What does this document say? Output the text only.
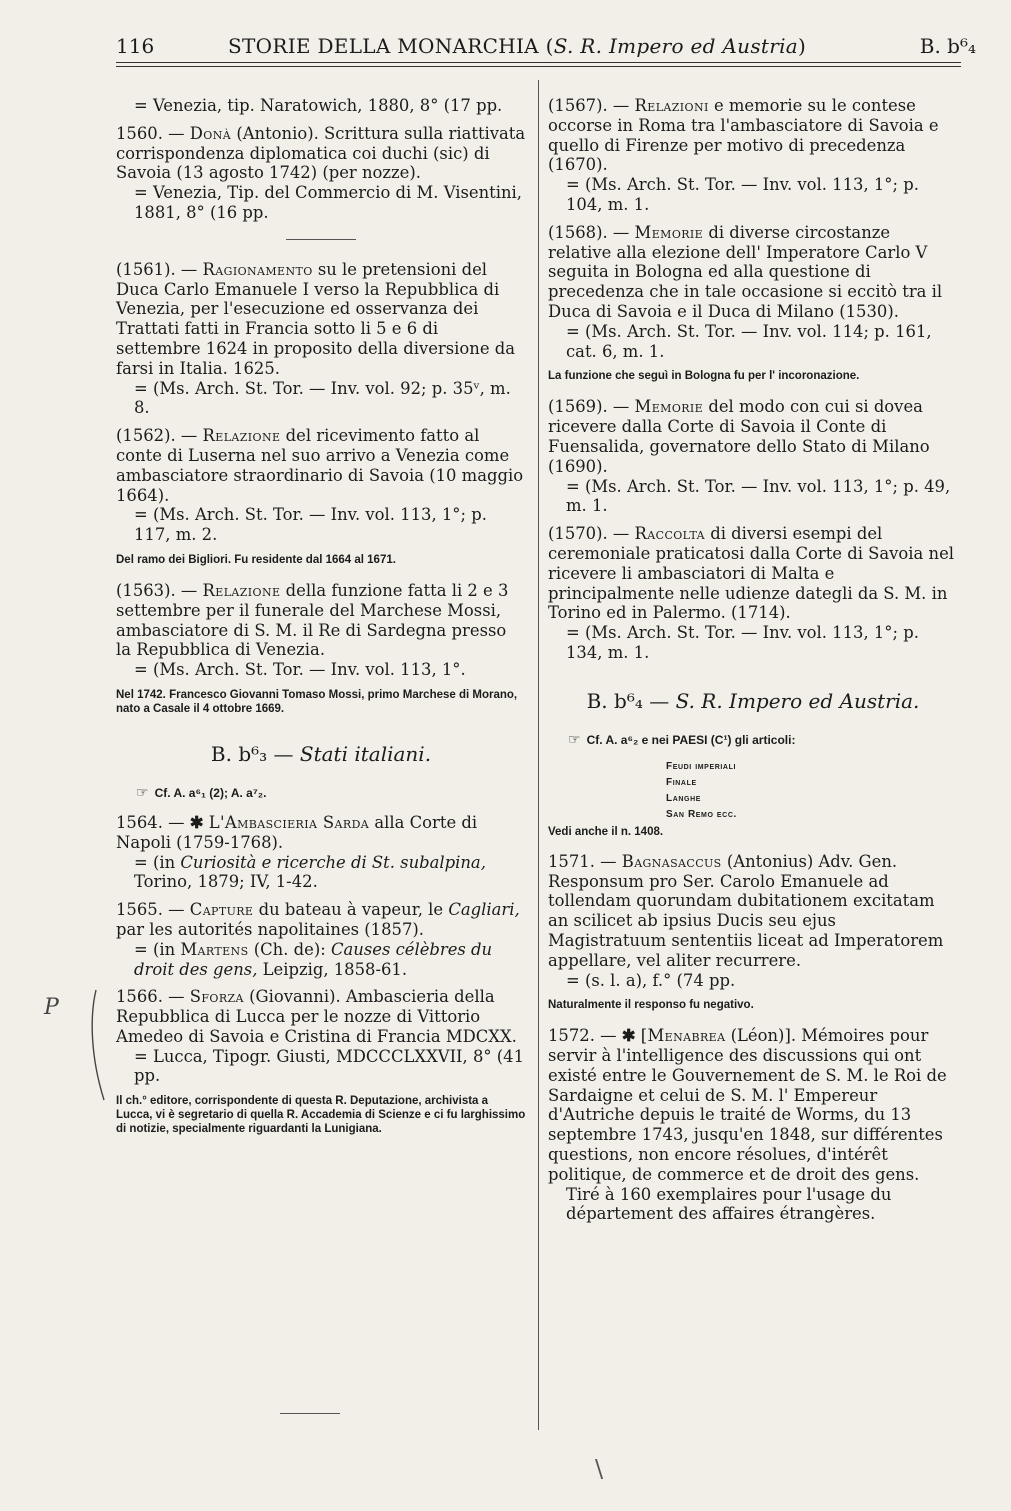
116	STORIE DELLA MONARCHIA (S. R. Impero ed Austria)	B. b⁶₄

= Venezia, tip. Naratowich, 1880, 8° (17 pp.

1560. — Donà (Antonio). Scrittura sulla riattivata corrispondenza diplomatica coi duchi (sic) di Savoia (13 agosto 1742) (per nozze).

= Venezia, Tip. del Commercio di M. Visentini, 1881, 8° (16 pp.

(1561). — Ragionamento su le pretensioni del Duca Carlo Emanuele I verso la Repubblica di Venezia, per l'esecuzione ed osservanza dei Trattati fatti in Francia sotto li 5 e 6 di settembre 1624 in proposito della diversione da farsi in Italia. 1625.

= (Ms. Arch. St. Tor. — Inv. vol. 92; p. 35ᵛ, m. 8.

(1562). — Relazione del ricevimento fatto al conte di Luserna nel suo arrivo a Venezia come ambasciatore straordinario di Savoia (10 maggio 1664).

= (Ms. Arch. St. Tor. — Inv. vol. 113, 1°; p. 117, m. 2.

Del ramo dei Bigliori. Fu residente dal 1664 al 1671.

(1563). — Relazione della funzione fatta li 2 e 3 settembre per il funerale del Marchese Mossi, ambasciatore di S. M. il Re di Sardegna presso la Repubblica di Venezia.

= (Ms. Arch. St. Tor. — Inv. vol. 113, 1°.

Nel 1742. Francesco Giovanni Tomaso Mossi, primo Marchese di Morano, nato a Casale il 4 ottobre 1669.
B. b⁶₃ — Stati italiani.
☞ Cf. A. a⁶₁ (2); A. a⁷₂.

1564. — ✱ L'Ambascieria Sarda alla Corte di Napoli (1759-1768).

= (in Curiosità e ricerche di St. subalpina, Torino, 1879; IV, 1-42.

1565. — Capture du bateau à vapeur, le Cagliari, par les autorités napolitaines (1857).

= (in Martens (Ch. de): Causes célèbres du droit des gens, Leipzig, 1858-61.

1566. — Sforza (Giovanni). Ambascieria della Repubblica di Lucca per le nozze di Vittorio Amedeo di Savoia e Cristina di Francia MDCXX.

= Lucca, Tipogr. Giusti, MDCCCLXXVII, 8° (41 pp.

Il ch.° editore, corrispondente di questa R. Deputazione, archivista a Lucca, vi è segretario di quella R. Accademia di Scienze e ci fu larghissimo di notizie, specialmente riguardanti la Lunigiana.

(1567). — Relazioni e memorie su le contese occorse in Roma tra l'ambasciatore di Savoia e quello di Firenze per motivo di precedenza (1670).

= (Ms. Arch. St. Tor. — Inv. vol. 113, 1°; p. 104, m. 1.

(1568). — Memorie di diverse circostanze relative alla elezione dell' Imperatore Carlo V seguita in Bologna ed alla questione di precedenza che in tale occasione si eccitò tra il Duca di Savoia e il Duca di Milano (1530).

= (Ms. Arch. St. Tor. — Inv. vol. 114; p. 161, cat. 6, m. 1.

La funzione che seguì in Bologna fu per l' incoronazione.

(1569). — Memorie del modo con cui si dovea ricevere dalla Corte di Savoia il Conte di Fuensalida, governatore dello Stato di Milano (1690).

= (Ms. Arch. St. Tor. — Inv. vol. 113, 1°; p. 49, m. 1.

(1570). — Raccolta di diversi esempi del ceremoniale praticatosi dalla Corte di Savoia nel ricevere li ambasciatori di Malta e principalmente nelle udienze dategli da S. M. in Torino ed in Palermo. (1714).

= (Ms. Arch. St. Tor. — Inv. vol. 113, 1°; p. 134, m. 1.

B. b⁶₄ — S. R. Impero ed Austria.
☞ Cf. A. a⁶₂ e nei PAESI (C¹) gli articoli:
Feudi imperiali
Finale
Langhe
San Remo ecc.
Vedi anche il n. 1408.

1571. — Bagnasaccus (Antonius) Adv. Gen. Responsum pro Ser. Carolo Emanuele ad tollendam quorundam dubitationem excitatam an scilicet ab ipsius Ducis seu ejus Magistratuum sententiis liceat ad Imperatorem appellare, vel aliter recurrere.

= (s. l. a), f.° (74 pp.

Naturalmente il responso fu negativo.

1572. — ✱ [Menabrea (Léon)]. Mémoires pour servir à l'intelligence des discussions qui ont existé entre le Gouvernement de S. M. le Roi de Sardaigne et celui de S. M. l' Empereur d'Autriche depuis le traité de Worms, du 13 septembre 1743, jusqu'en 1848, sur différentes questions, non encore résolues, d'intérêt politique, de commerce et de droit des gens.

Tiré à 160 exemplaires pour l'usage du département des affaires étrangères.

P
\
